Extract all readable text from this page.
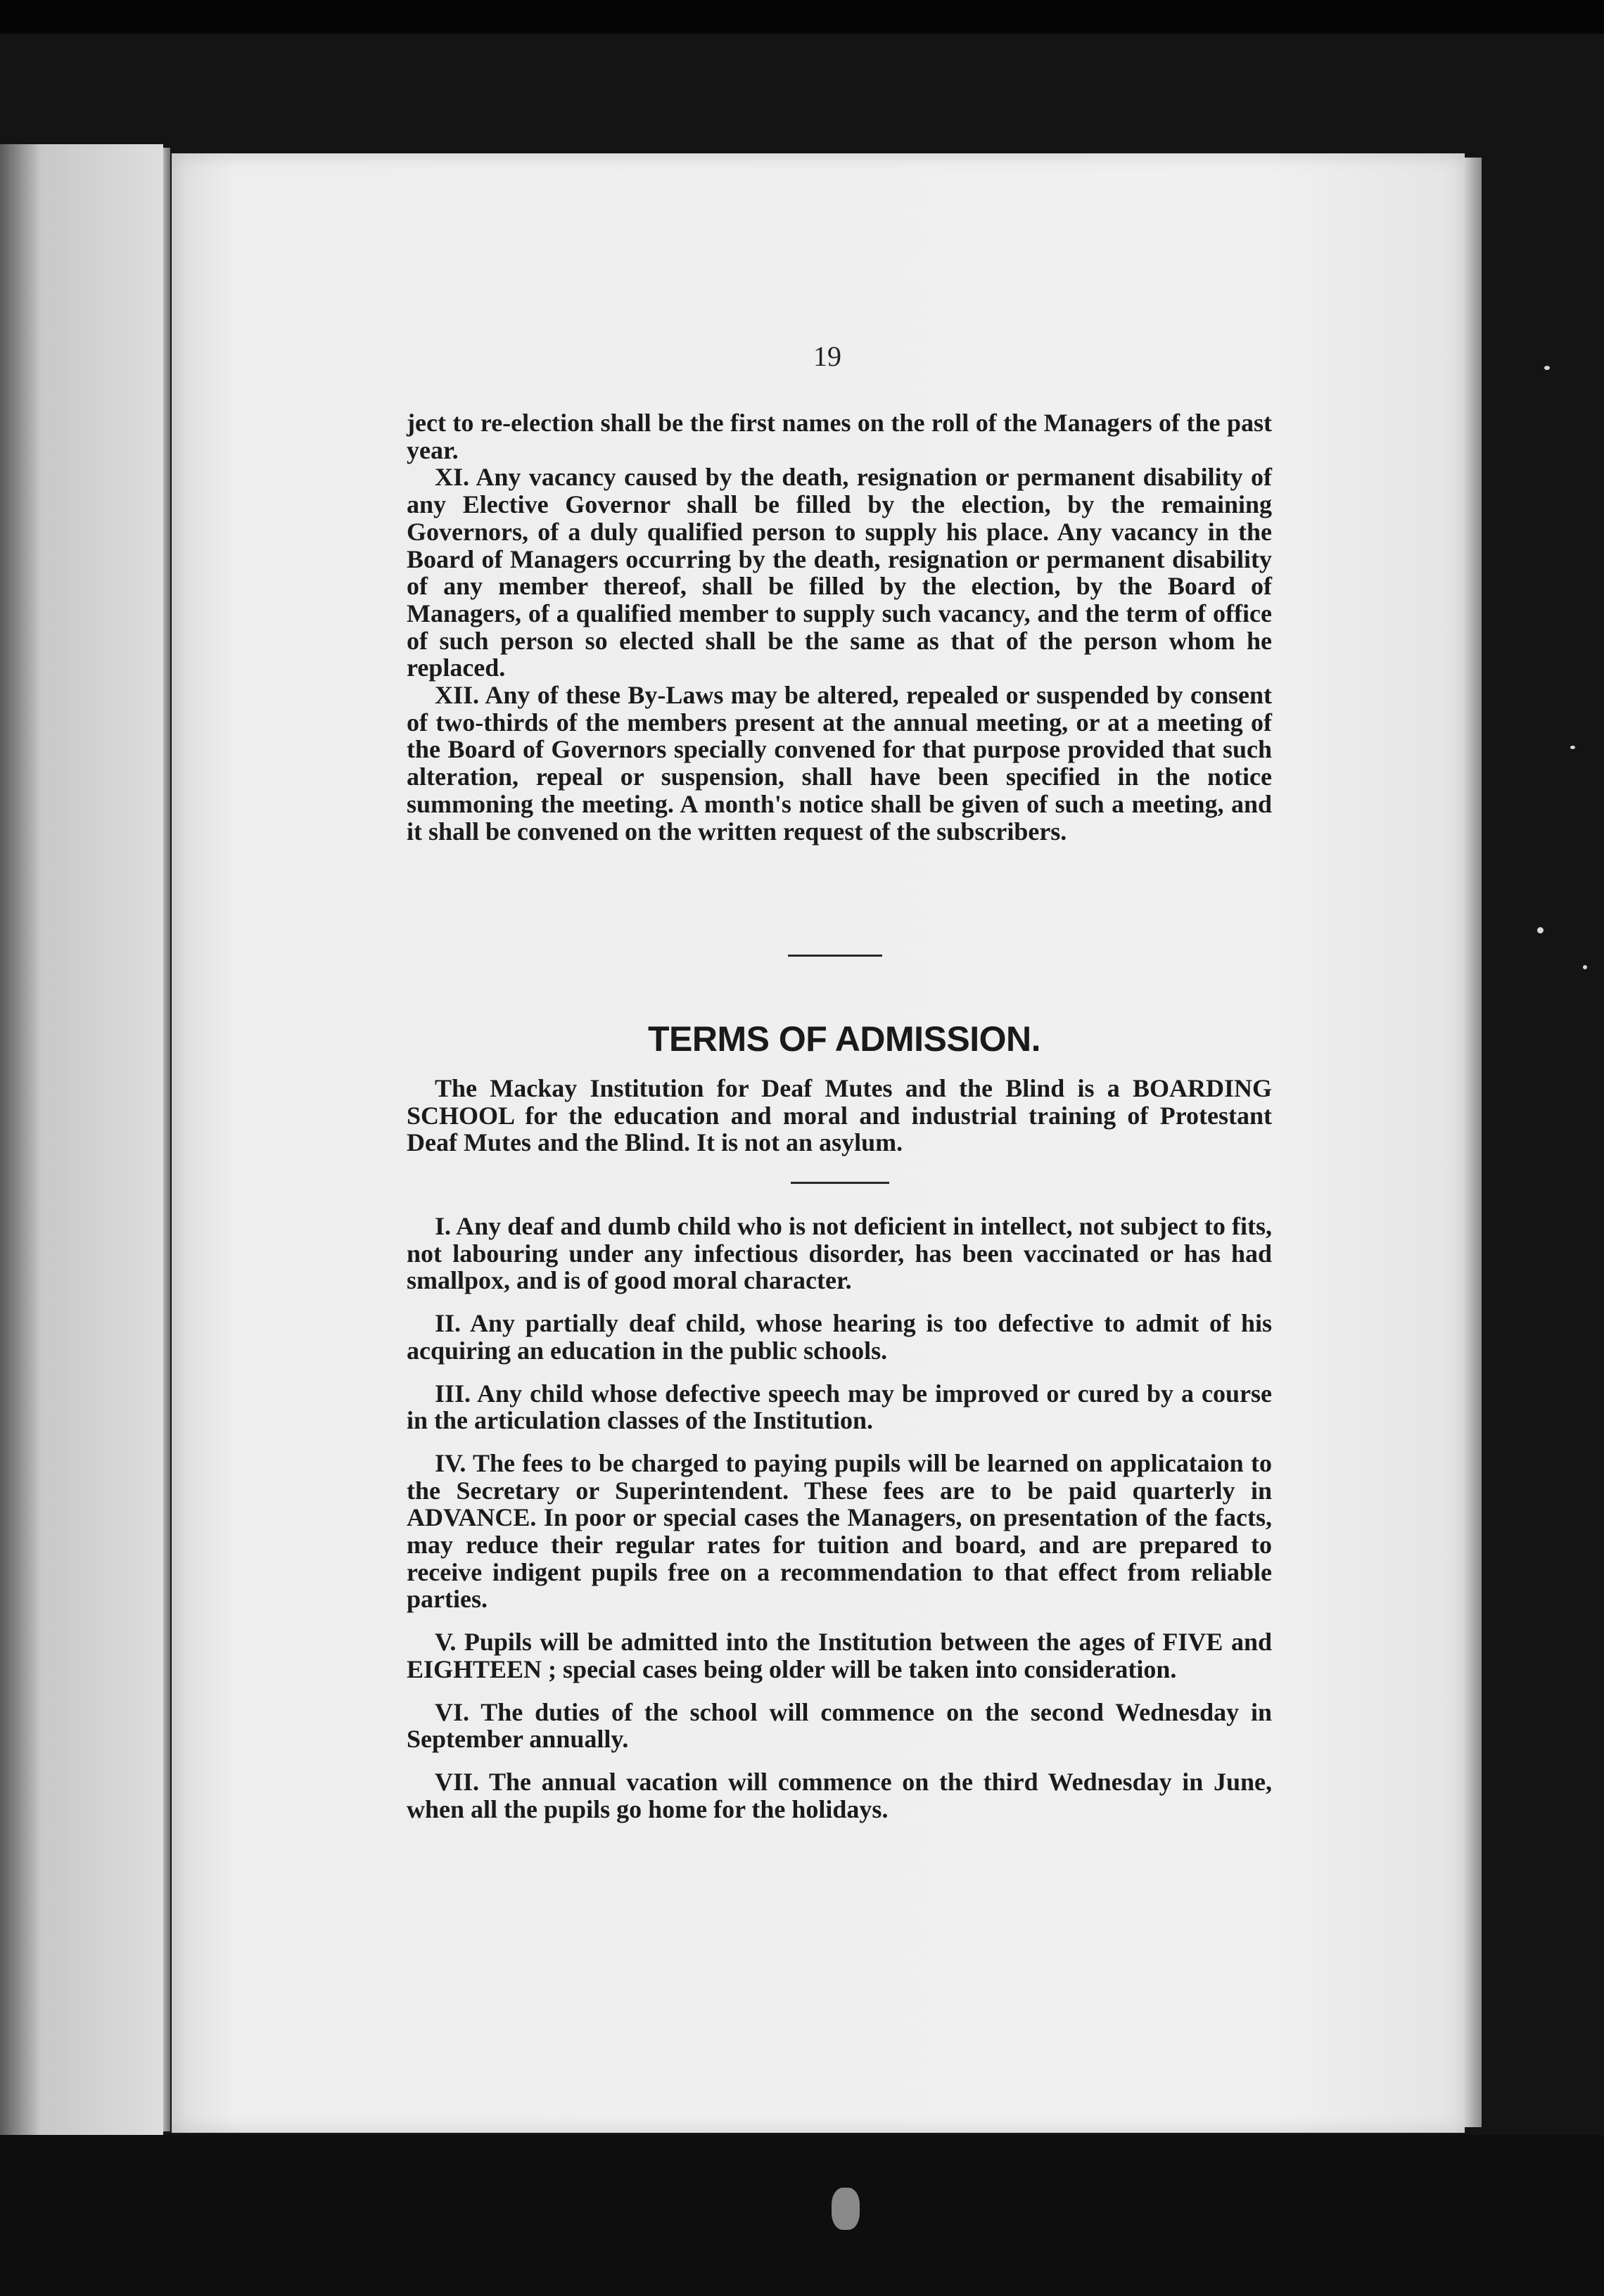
19

ject to re-election shall be the first names on the roll of the Managers of the past year.

XI. Any vacancy caused by the death, resignation or permanent disability of any Elective Governor shall be filled by the election, by the remaining Governors, of a duly qualified person to supply his place. Any vacancy in the Board of Managers occurring by the death, resignation or permanent disability of any member thereof, shall be filled by the election, by the Board of Managers, of a qualified member to supply such vacancy, and the term of office of such person so elected shall be the same as that of the person whom he replaced.

XII. Any of these By-Laws may be altered, repealed or suspended by consent of two-thirds of the members present at the annual meeting, or at a meeting of the Board of Governors specially convened for that purpose provided that such alteration, repeal or suspension, shall have been specified in the notice summoning the meeting. A month's notice shall be given of such a meeting, and it shall be convened on the written request of the subscribers.

TERMS OF ADMISSION.

The Mackay Institution for Deaf Mutes and the Blind is a BOARDING SCHOOL for the education and moral and industrial training of Protestant Deaf Mutes and the Blind. It is not an asylum.

I. Any deaf and dumb child who is not deficient in intellect, not subject to fits, not labouring under any infectious disorder, has been vaccinated or has had smallpox, and is of good moral character.

II. Any partially deaf child, whose hearing is too defective to admit of his acquiring an education in the public schools.

III. Any child whose defective speech may be improved or cured by a course in the articulation classes of the Institution.

IV. The fees to be charged to paying pupils will be learned on applicataion to the Secretary or Superintendent. These fees are to be paid quarterly in ADVANCE. In poor or special cases the Managers, on presentation of the facts, may reduce their regular rates for tuition and board, and are prepared to receive indigent pupils free on a recommendation to that effect from reliable parties.

V. Pupils will be admitted into the Institution between the ages of FIVE and EIGHTEEN ; special cases being older will be taken into consideration.

VI. The duties of the school will commence on the second Wednesday in September annually.

VII. The annual vacation will commence on the third Wednesday in June, when all the pupils go home for the holidays.
